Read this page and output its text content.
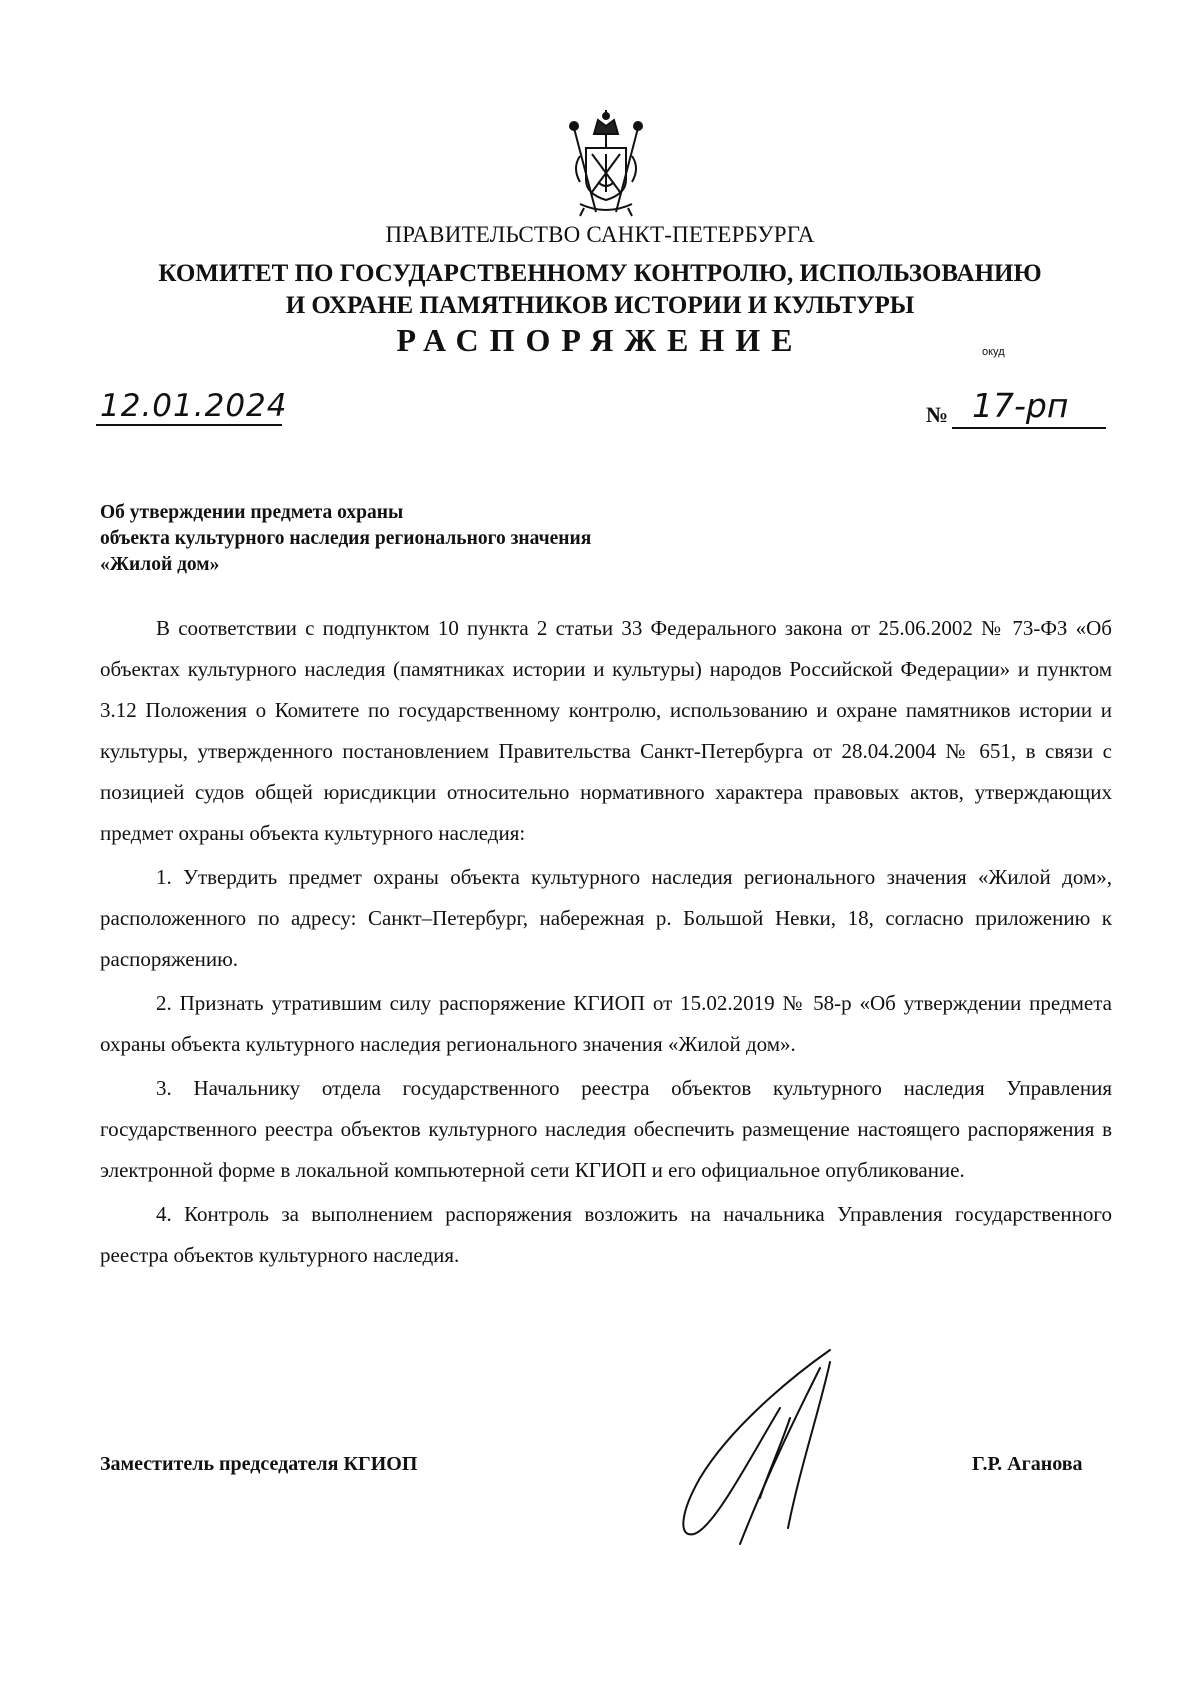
ПРАВИТЕЛЬСТВО САНКТ-ПЕТЕРБУРГА
КОМИТЕТ ПО ГОСУДАРСТВЕННОМУ КОНТРОЛЮ, ИСПОЛЬЗОВАНИЮ
И ОХРАНЕ ПАМЯТНИКОВ ИСТОРИИ И КУЛЬТУРЫ
РАСПОРЯЖЕНИЕ	окуд
12.01.2024	№ 17-рп
Об утверждении предмета охраны
объекта культурного наследия регионального значения
«Жилой дом»

В соответствии с подпунктом 10 пункта 2 статьи 33 Федерального закона от 25.06.2002 № 73-ФЗ «Об объектах культурного наследия (памятниках истории и культуры) народов Российской Федерации» и пунктом 3.12 Положения о Комитете по государственному контролю, использованию и охране памятников истории и культуры, утвержденного постановлением Правительства Санкт-Петербурга от 28.04.2004 № 651, в связи с позицией судов общей юрисдикции относительно нормативного характера правовых актов, утверждающих предмет охраны объекта культурного наследия:

1. Утвердить предмет охраны объекта культурного наследия регионального значения «Жилой дом», расположенного по адресу: Санкт–Петербург, набережная р. Большой Невки, 18, согласно приложению к распоряжению.

2. Признать утратившим силу распоряжение КГИОП от 15.02.2019 № 58-р «Об утверждении предмета охраны объекта культурного наследия регионального значения «Жилой дом».

3. Начальнику отдела государственного реестра объектов культурного наследия Управления государственного реестра объектов культурного наследия обеспечить размещение настоящего распоряжения в электронной форме в локальной компьютерной сети КГИОП и его официальное опубликование.

4. Контроль за выполнением распоряжения возложить на начальника Управления государственного реестра объектов культурного наследия.

Заместитель председателя КГИОП	Г.Р. Аганова
